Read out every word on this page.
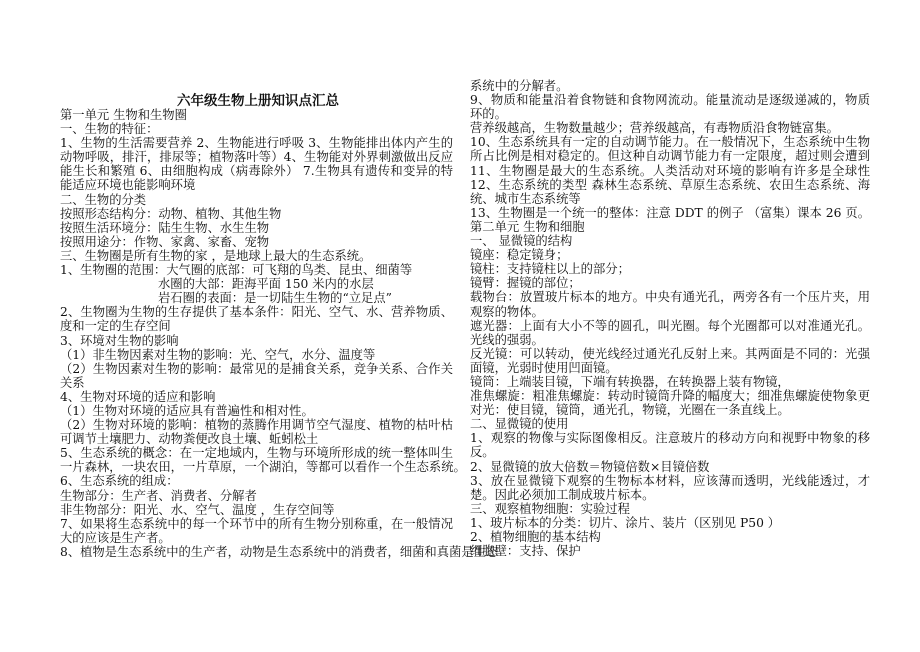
六年级生物上册知识点汇总
第一单元 生物和生物圈
一、生物的特征：
1、生物的生活需要营养 2、生物能进行呼吸 3、生物能排出体内产生的
动物呼吸，排汗，排尿等；植物落叶等）4、生物能对外界刺激做出反应
能生长和繁殖 6、由细胞构成（病毒除外） 7.生物具有遗传和变异的特
能适应环境也能影响环境
二、生物的分类
按照形态结构分：动物、植物、其他生物
按照生活环境分：陆生生物、水生生物
按照用途分：作物、家禽、家畜、宠物
三、生物圈是所有生物的家 ，是地球上最大的生态系统。
1、生物圈的范围：大气圈的底部：可飞翔的鸟类、昆虫、细菌等
水圈的大部：距海平面 150 米内的水层
岩石圈的表面：是一切陆生生物的“立足点”
2、生物圈为生物的生存提供了基本条件：阳光、空气、水、营养物质、
度和一定的生存空间
3、环境对生物的影响
（1）非生物因素对生物的影响：光、空气，水分、温度等
（2）生物因素对生物的影响：最常见的是捕食关系，竞争关系、合作关
关系
4、生物对环境的适应和影响
（1）生物对环境的适应具有普遍性和相对性。
（2）生物对环境的影响：植物的蒸腾作用调节空气湿度、植物的枯叶枯
可调节土壤肥力、动物粪便改良土壤、蚯蚓松土
5、生态系统的概念：在一定地域内，生物与环境所形成的统一整体叫生
一片森林，一块农田，一片草原，一个湖泊，等都可以看作一个生态系统。
6、生态系统的组成：
生物部分：生产者、消费者、分解者
非生物部分：阳光、水、空气、温度 ，生存空间等
7、如果将生态系统中的每一个环节中的所有生物分别称重，在一般情况
大的应该是生产者。
8、植物是生态系统中的生产者，动物是生态系统中的消费者，细菌和真菌是生态
系统中的分解者。
9、物质和能量沿着食物链和食物网流动。能量流动是逐级递减的，物质
环的。
营养级越高，生物数量越少；营养级越高，有毒物质沿食物链富集。
10、生态系统具有一定的自动调节能力。在一般情况下，生态系统中生物
所占比例是相对稳定的。但这种自动调节能力有一定限度，超过则会遭到
11、生物圈是最大的生态系统。人类活动对环境的影响有许多是全球性
12、生态系统的类型 森林生态系统、草原生态系统、农田生态系统、海
统、城市生态系统等
13、生物圈是一个统一的整体：注意 DDT 的例子 （富集）课本 26 页。
第二单元 生物和细胞
一、 显微镜的结构
镜座：稳定镜身；
镜柱：支持镜柱以上的部分；
镜臂：握镜的部位；
载物台：放置玻片标本的地方。中央有通光孔，两旁各有一个压片夹，用
观察的物体。
遮光器：上面有大小不等的圆孔，叫光圈。每个光圈都可以对准通光孔。
光线的强弱。
反光镜：可以转动，使光线经过通光孔反射上来。其两面是不同的：光强
面镜，光弱时使用凹面镜。
镜筒：上端装目镜，下端有转换器，在转换器上装有物镜，
准焦螺旋：粗准焦螺旋：转动时镜筒升降的幅度大；细准焦螺旋使物象更
对光：使目镜，镜筒，通光孔，物镜，光圈在一条直线上。
二、显微镜的使用
1、观察的物像与实际图像相反。注意玻片的移动方向和视野中物象的移
反。
2、显微镜的放大倍数＝物镜倍数×目镜倍数
3、放在显微镜下观察的生物标本材料，应该薄而透明，光线能透过，才
楚。因此必须加工制成玻片标本。
三、观察植物细胞：实验过程
1、玻片标本的分类：切片、涂片、装片（区别见 P50 ）
2、植物细胞的基本结构
细胞壁：支持、保护
